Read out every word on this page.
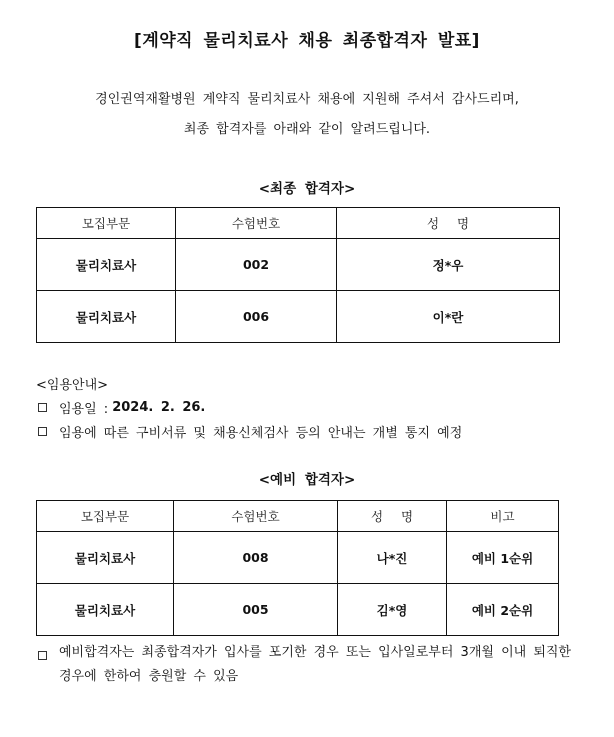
[계약직 물리치료사 채용 최종합격자 발표]
경인권역재활병원 계약직 물리치료사 채용에 지원해 주셔서 감사드리며,
최종 합격자를 아래와 같이 알려드립니다.
<최종 합격자>
모집부문	수험번호	성 명
물리치료사	002	정*우
물리치료사	006	이*란
<임용안내>
임용일 : 2024. 2. 26.
임용에 따른 구비서류 및 채용신체검사 등의 안내는 개별 통지 예정
<예비 합격자>
모집부문	수험번호	성 명	비고
물리치료사	008	나*진	예비 1순위
물리치료사	005	김*영	예비 2순위
예비합격자는 최종합격자가 입사를 포기한 경우 또는 입사일로부터 3개월 이내 퇴직한 경우에 한하여 충원할 수 있음
